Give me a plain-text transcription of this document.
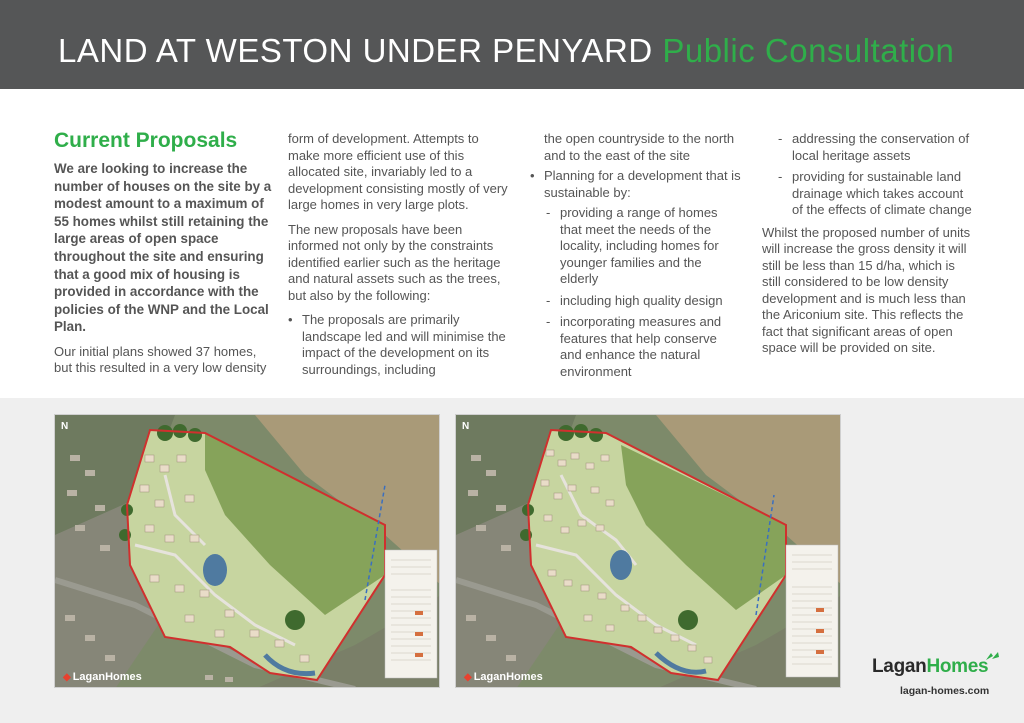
LAND AT WESTON UNDER PENYARD Public Consultation
Current Proposals

We are looking to increase the number of houses on the site by a modest amount to a maximum of 55 homes whilst still retaining the large areas of open space throughout the site and ensuring that a good mix of housing is provided in accordance with the policies of the WNP and the Local Plan.

Our initial plans showed 37 homes, but this resulted in a very low density

form of development. Attempts to make more efficient use of this allocated site, invariably led to a development consisting mostly of very large homes in very large plots.

The new proposals have been informed not only by the constraints identified earlier such as the heritage and natural assets such as the trees, but also by the following:

• The proposals are primarily landscape led and will minimise the impact of the development on its surroundings, including

the open countryside to the north and to the east of the site

• Planning for a development that is sustainable by:
- providing a range of homes that meet the needs of the locality, including homes for younger families and the elderly
- including high quality design
- incorporating measures and features that help conserve and enhance the natural environment
- addressing the conservation of local heritage assets
- providing for sustainable land drainage which takes account of the effects of climate change

Whilst the proposed number of units will increase the gross density it will still be less than 15 d/ha, which is still considered to be low density development and is much less than the Ariconium site. This reflects the fact that significant areas of open space will be provided on site.

N
◆ LaganHomes
N
◆ LaganHomes	LaganHomes
lagan-homes.com
